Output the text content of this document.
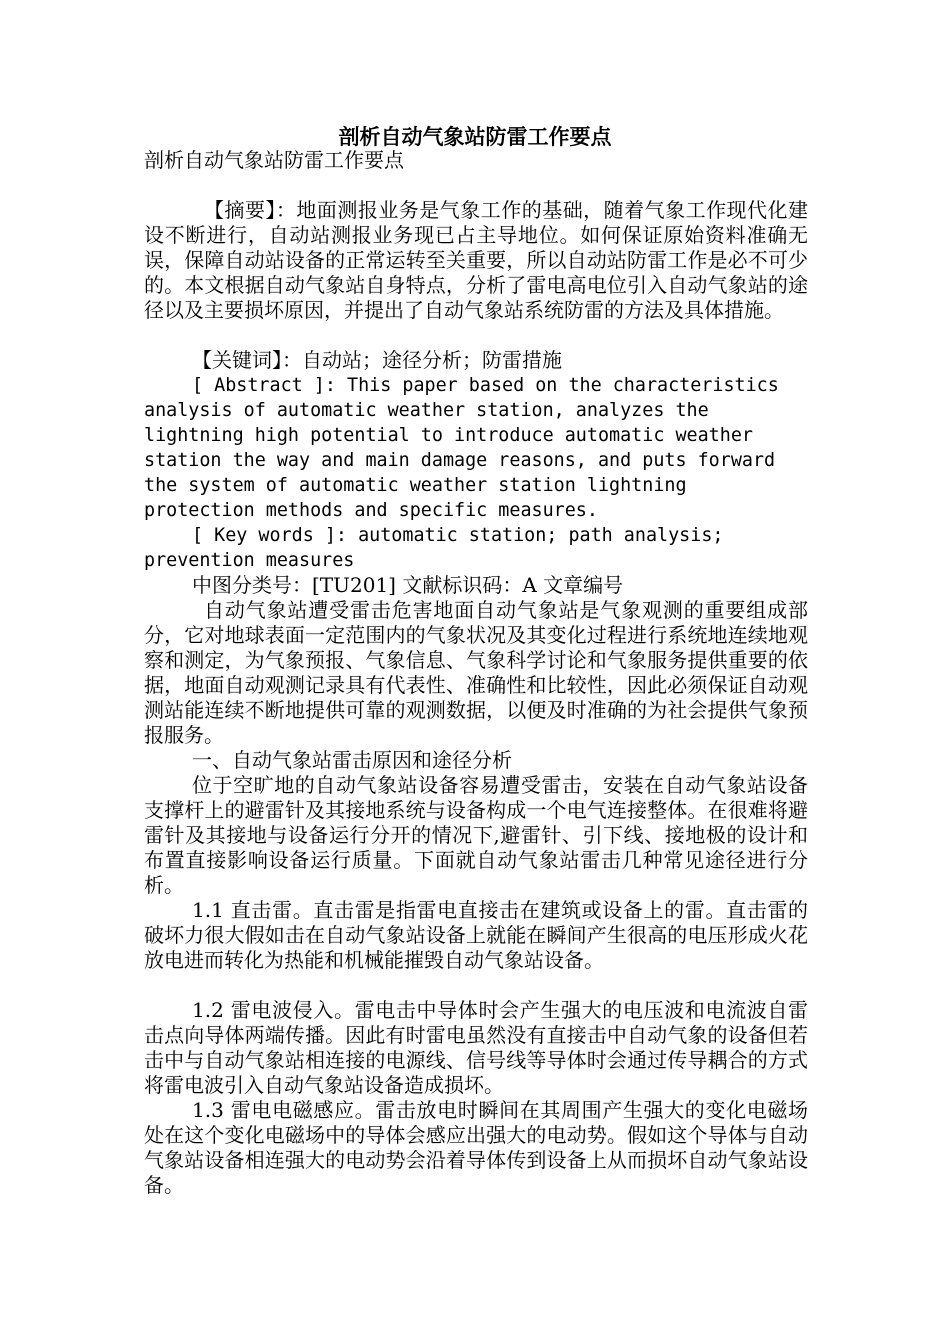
剖析自动气象站防雷工作要点

剖析自动气象站防雷工作要点

【摘要】：地面测报业务是气象工作的基础，随着气象工作现代化建设不断进行，自动站测报业务现已占主导地位。如何保证原始资料准确无误，保障自动站设备的正常运转至关重要，所以自动站防雷工作是必不可少的。本文根据自动气象站自身特点，分析了雷电高电位引入自动气象站的途径以及主要损坏原因，并提出了自动气象站系统防雷的方法及具体措施。

【关键词】：自动站；途径分析；防雷措施

[ Abstract ]: This paper based on the characteristics analysis of automatic weather station, analyzes the lightning high potential to introduce automatic weather station the way and main damage reasons, and puts forward the system of automatic weather station lightning protection methods and specific measures.

[ Key words ]: automatic station; path analysis; prevention measures

中图分类号：[TU201] 文献标识码：A 文章编号

自动气象站遭受雷击危害地面自动气象站是气象观测的重要组成部分，它对地球表面一定范围内的气象状况及其变化过程进行系统地连续地观察和测定，为气象预报、气象信息、气象科学讨论和气象服务提供重要的依据，地面自动观测记录具有代表性、准确性和比较性，因此必须保证自动观测站能连续不断地提供可靠的观测数据，以便及时准确的为社会提供气象预报服务。

一、自动气象站雷击原因和途径分析

位于空旷地的自动气象站设备容易遭受雷击，安装在自动气象站设备支撑杆上的避雷针及其接地系统与设备构成一个电气连接整体。在很难将避雷针及其接地与设备运行分开的情况下,避雷针、引下线、接地极的设计和布置直接影响设备运行质量。下面就自动气象站雷击几种常见途径进行分析。

1.1 直击雷。直击雷是指雷电直接击在建筑或设备上的雷。直击雷的破坏力很大假如击在自动气象站设备上就能在瞬间产生很高的电压形成火花放电进而转化为热能和机械能摧毁自动气象站设备。

1.2 雷电波侵入。雷电击中导体时会产生强大的电压波和电流波自雷击点向导体两端传播。因此有时雷电虽然没有直接击中自动气象的设备但若击中与自动气象站相连接的电源线、信号线等导体时会通过传导耦合的方式将雷电波引入自动气象站设备造成损坏。

1.3 雷电电磁感应。雷击放电时瞬间在其周围产生强大的变化电磁场处在这个变化电磁场中的导体会感应出强大的电动势。假如这个导体与自动气象站设备相连强大的电动势会沿着导体传到设备上从而损坏自动气象站设备。
